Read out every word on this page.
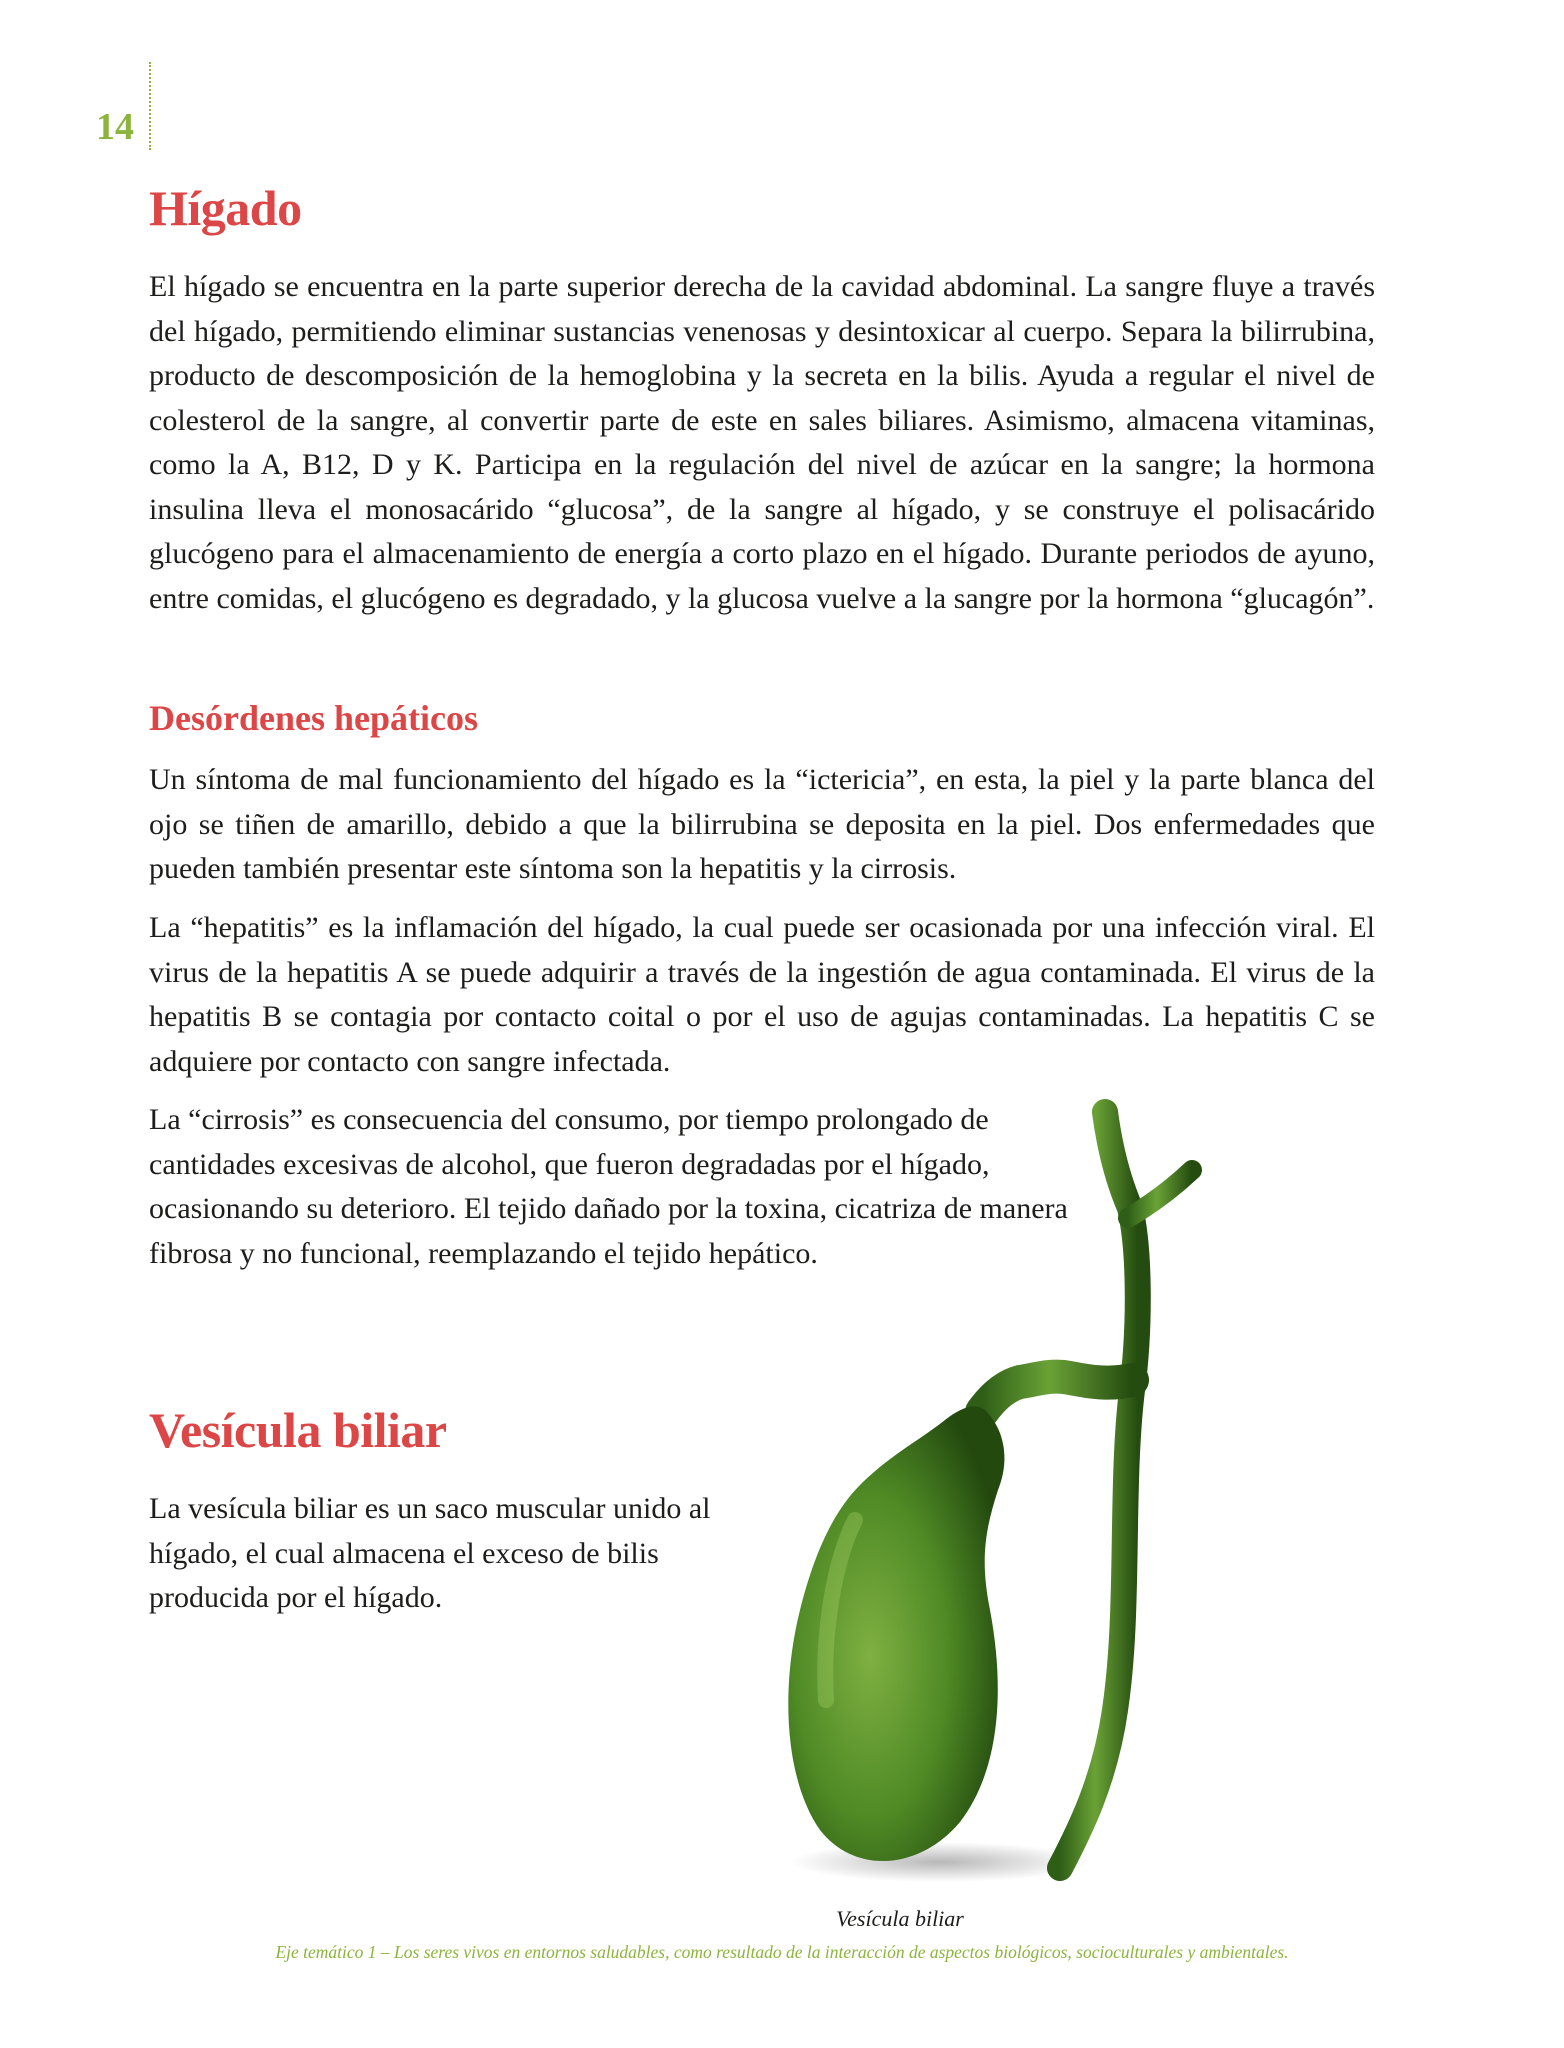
14
Hígado

El hígado se encuentra en la parte superior derecha de la cavidad abdominal. La sangre fluye a través del hígado, permitiendo eliminar sustancias venenosas y desintoxicar al cuerpo. Separa la bilirrubina, producto de descomposición de la hemoglobina y la secreta en la bilis. Ayuda a regular el nivel de colesterol de la sangre, al convertir parte de este en sales biliares. Asimismo, almacena vitaminas, como la A, B12, D y K. Participa en la regulación del nivel de azúcar en la sangre; la hormona insulina lleva el monosacárido “glucosa”, de la sangre al hígado, y se construye el polisacárido glucógeno para el almacenamiento de energía a corto plazo en el hígado. Durante periodos de ayuno, entre comidas, el glucógeno es degradado, y la glucosa vuelve a la sangre por la hormona “glucagón”.

Desórdenes hepáticos

Un síntoma de mal funcionamiento del hígado es la “ictericia”, en esta, la piel y la parte blanca del ojo se tiñen de amarillo, debido a que la bilirrubina se deposita en la piel. Dos enfermedades que pueden también presentar este síntoma son la hepatitis y la cirrosis.

La “hepatitis” es la inflamación del hígado, la cual puede ser ocasionada por una infección viral. El virus de la hepatitis A se puede adquirir a través de la ingestión de agua contaminada. El virus de la hepatitis B se contagia por contacto coital o por el uso de agujas contaminadas. La hepatitis C se adquiere por contacto con sangre infectada.

La “cirrosis” es consecuencia del consumo, por tiempo prolongado de cantidades excesivas de alcohol, que fueron degradadas por el hígado, ocasionando su deterioro. El tejido dañado por la toxina, cicatriza de manera fibrosa y no funcional, reemplazando el tejido hepático.

Vesícula biliar

La vesícula biliar es un saco muscular unido al hígado, el cual almacena el exceso de bilis producida por el hígado.

Vesícula biliar

Eje temático 1 – Los seres vivos en entornos saludables, como resultado de la interacción de aspectos biológicos, socioculturales y ambientales.
